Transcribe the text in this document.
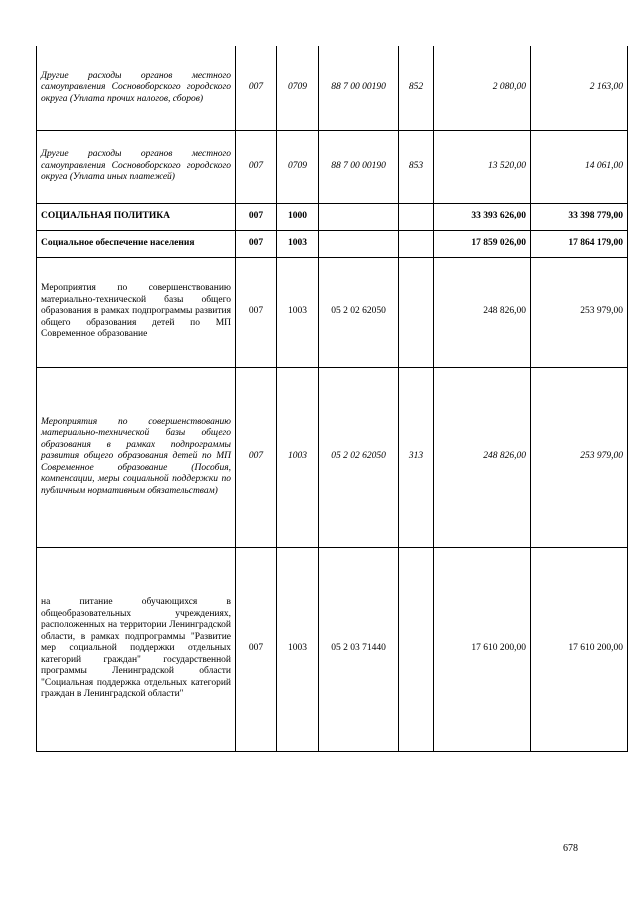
Другие расходы органов местного самоуправления Сосновоборского городского округа (Уплата прочих налогов, сборов)	007	0709	88 7 00 00190	852	2 080,00	2 163,00
Другие расходы органов местного самоуправления Сосновоборского городского округа (Уплата иных платежей)	007	0709	88 7 00 00190	853	13 520,00	14 061,00
СОЦИАЛЬНАЯ ПОЛИТИКА	007	1000			33 393 626,00	33 398 779,00
Социальное обеспечение населения	007	1003			17 859 026,00	17 864 179,00
Мероприятия по совершенствованию материально-технической базы общего образования в рамках подпрограммы развития общего образования детей по МП Современное образование	007	1003	05 2 02 62050		248 826,00	253 979,00
Мероприятия по совершенствованию материально-технической базы общего образования в рамках подпрограммы развития общего образования детей по МП Современное образование (Пособия, компенсации, меры социальной поддержки по публичным нормативным обязательствам)	007	1003	05 2 02 62050	313	248 826,00	253 979,00
на питание обучающихся в общеобразовательных учреждениях, расположенных на территории Ленинградской области, в рамках подпрограммы "Развитие мер социальной поддержки отдельных категорий граждан" государственной программы Ленинградской области "Социальная поддержка отдельных категорий граждан в Ленинградской области"	007	1003	05 2 03 71440		17 610 200,00	17 610 200,00
678
